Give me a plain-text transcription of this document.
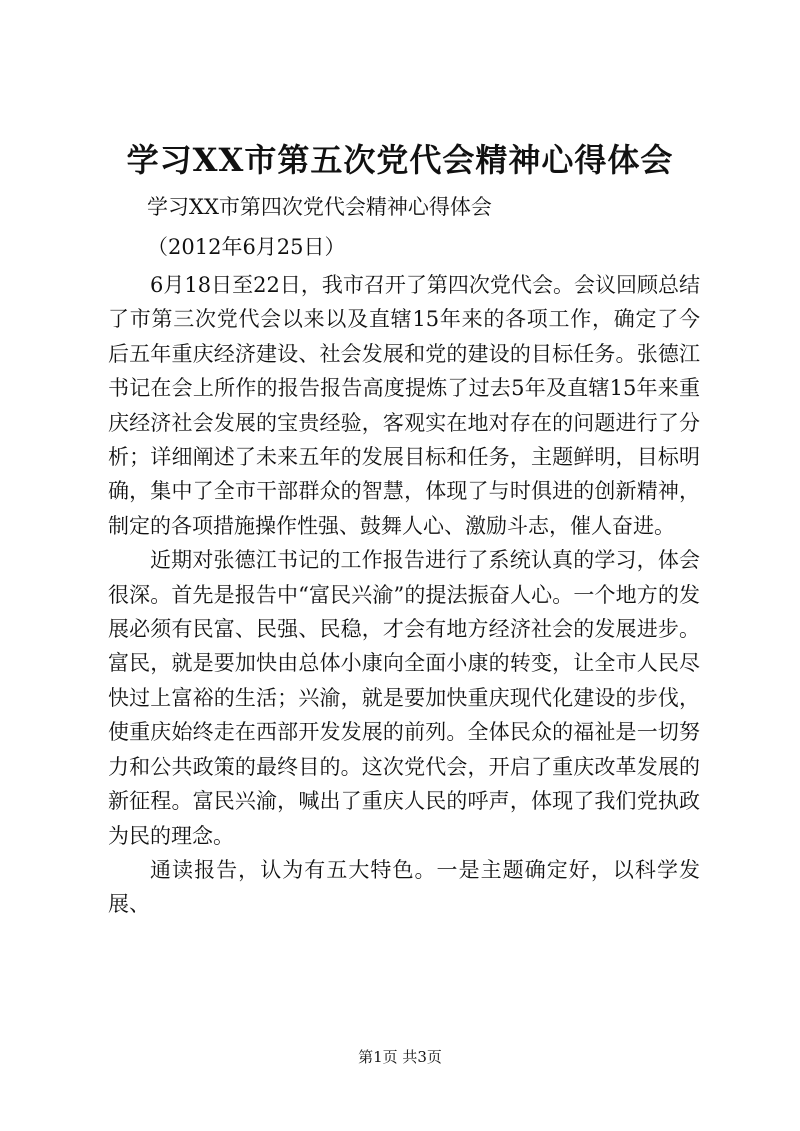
学习XX市第五次党代会精神心得体会

学习XX市第四次党代会精神心得体会

（2012年6月25日）

6月18日至22日，我市召开了第四次党代会。会议回顾总结了市第三次党代会以来以及直辖15年来的各项工作，确定了今后五年重庆经济建设、社会发展和党的建设的目标任务。张德江书记在会上所作的报告报告高度提炼了过去5年及直辖15年来重庆经济社会发展的宝贵经验，客观实在地对存在的问题进行了分析；详细阐述了未来五年的发展目标和任务，主题鲜明，目标明确，集中了全市干部群众的智慧，体现了与时俱进的创新精神，制定的各项措施操作性强、鼓舞人心、激励斗志，催人奋进。

近期对张德江书记的工作报告进行了系统认真的学习，体会很深。首先是报告中“富民兴渝”的提法振奋人心。一个地方的发展必须有民富、民强、民稳，才会有地方经济社会的发展进步。富民，就是要加快由总体小康向全面小康的转变，让全市人民尽快过上富裕的生活；兴渝，就是要加快重庆现代化建设的步伐，使重庆始终走在西部开发发展的前列。全体民众的福祉是一切努力和公共政策的最终目的。这次党代会，开启了重庆改革发展的新征程。富民兴渝，喊出了重庆人民的呼声，体现了我们党执政为民的理念。

通读报告，认为有五大特色。一是主题确定好，以科学发展、

第1页 共3页
